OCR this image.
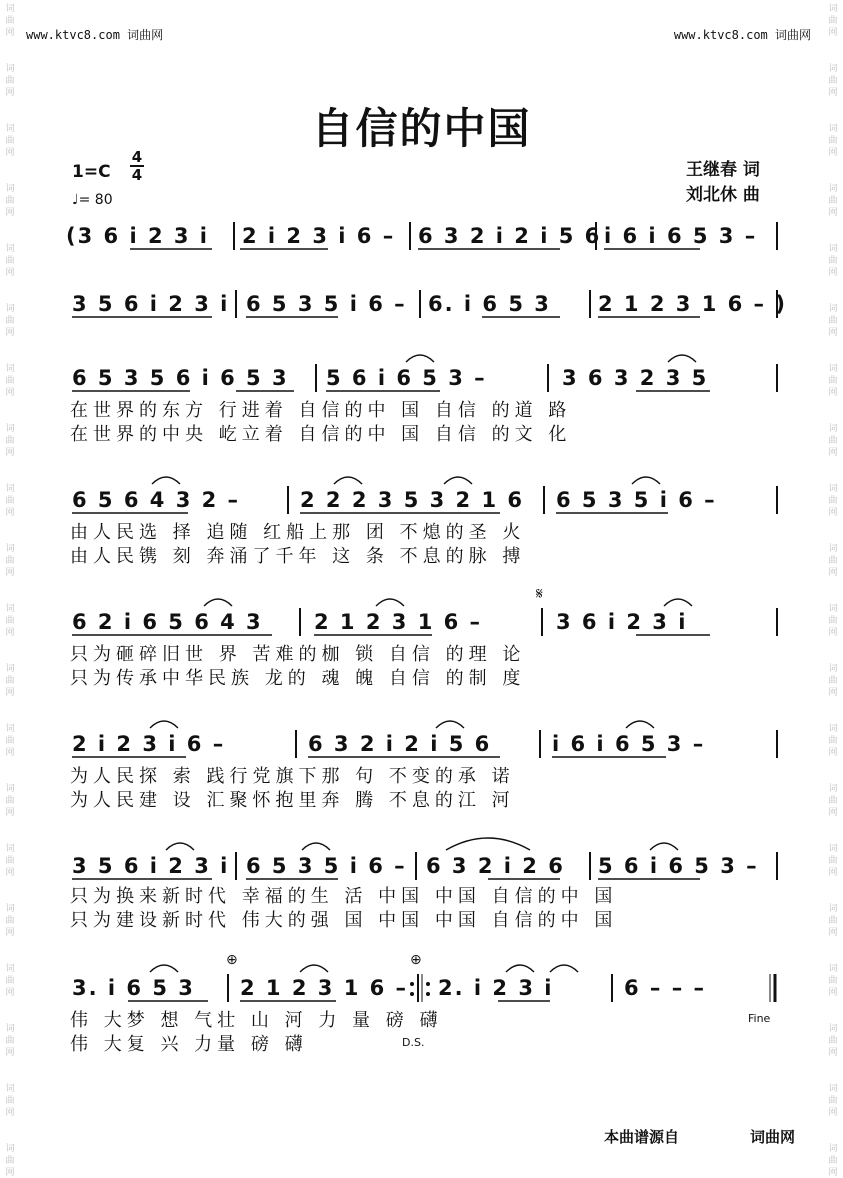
词
曲
网
词
曲
网
词
曲
网
词
曲
网
词
曲
网
词
曲
网
词
曲
网
词
曲
网
词
曲
网
词
曲
网
词
曲
网
词
曲
网
词
曲
网
词
曲
网
词
曲
网
词
曲
网
词
曲
网
词
曲
网
词
曲
网
词
曲
网
词
曲
网
词
曲
网
词
曲
网
词
曲
网
词
曲
网
词
曲
网
词
曲
网
词
曲
网
词
曲
网
词
曲
网
词
曲
网
词
曲
网
词
曲
网
词
曲
网
词
曲
网
词
曲
网
词
曲
网
词
曲
网
词
曲
网
词
曲
网
www.ktvc8.com 词曲网	www.ktvc8.com 词曲网
自信的中国
1=C
4
4
♩= 80
王继春 词
刘北休 曲
(3 6 i 2 3 i 2 i 2 3 i 6 – 6 3 2 i 2 i 5 6 i 6 i 6 5 3 –
3 5 6 i 2 3 i 6 5 3 5 i 6 – 6. i 6 5 3 2 1 2 3 1 6 – )
6 5 3 5 6 i 6 5 3 5 6 i 6 5 3 –	3 6 3 2 3 5
在世界的东方 行进着 自信的中 国 自信 的道 路
在世界的中央 屹立着 自信的中 国 自信 的文 化
6 5 6 4 3 2 –	2 2 2 3 5 3 2 1 6 6 5 3 5 i 6 –
由人民选 择 追随 红船上那 团 不熄的圣 火
由人民镌 刻 奔涌了千年 这 条 不息的脉 搏
6 2 i 6 5 6 4 3 2 1 2 3 1 6 –	3 6 i 2 3 i
只为砸碎旧世 界 苦难的枷 锁 自信 的理 论
只为传承中华民族 龙的 魂 魄 自信 的制 度
2 i 2 3 i 6 –	6 3 2 i 2 i 5 6	i 6 i 6 5 3 –
为人民探 索 践行党旗下那 句 不变的承 诺
为人民建 设 汇聚怀抱里奔 腾 不息的江 河
3 5 6 i 2 3 i 6 5 3 5 i 6 – 6 3 2 i 2 6 5 6 i 6 5 3 –
只为换来新时代 幸福的生 活 中国 中国 自信的中 国
只为建设新时代 伟大的强 国 中国 中国 自信的中 国
3. i 6 5 3 2 1 2 3 1 6 – 2. i 2 3 i	6 – – –
伟 大梦 想 气壮 山 河 力 量 磅 礴
伟 大复 兴 力量 磅 礴
𝄋
⊕	⊕
D.S.
Fine
本曲谱源自	词曲网
